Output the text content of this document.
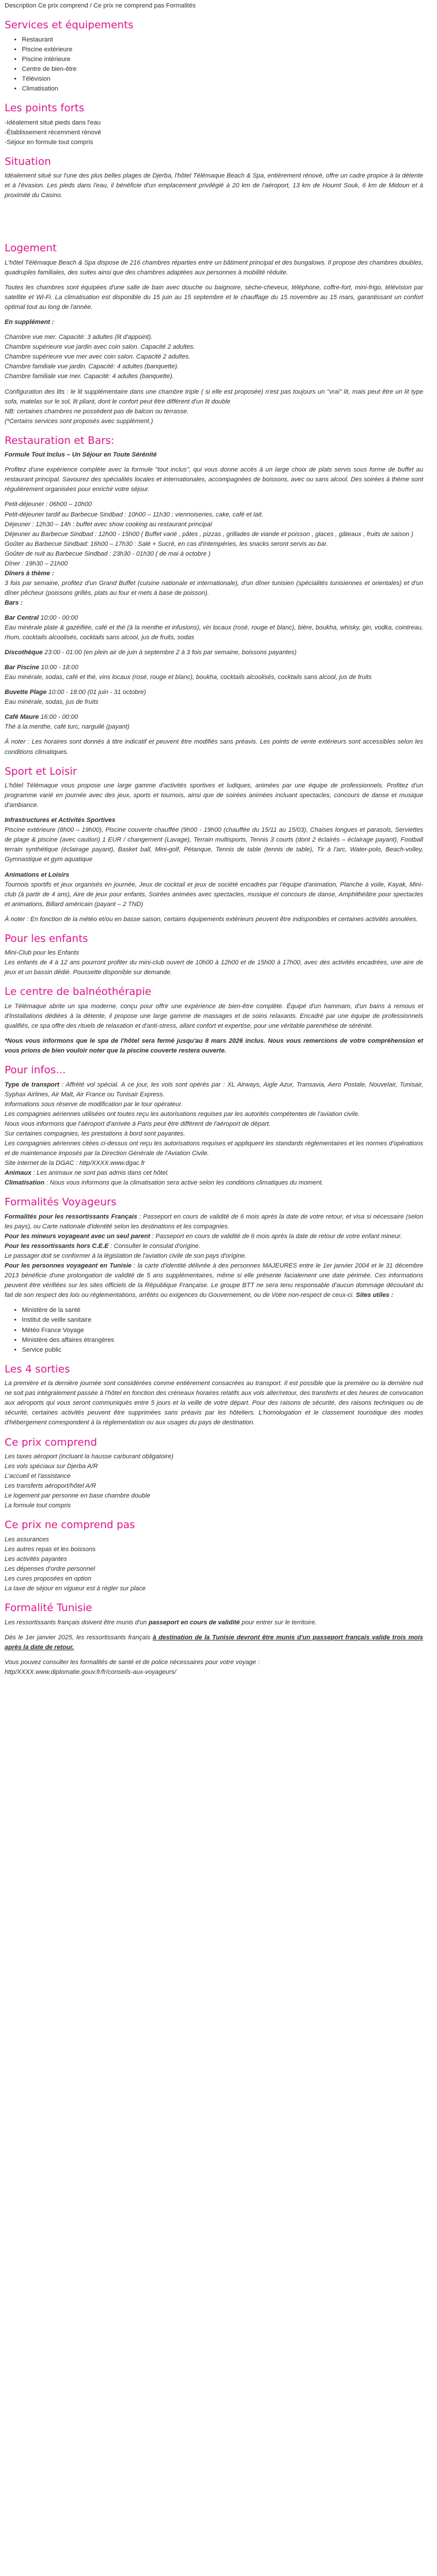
Description Ce prix comprend / Ce prix ne comprend pas Formalités

Services et équipements
• Restaurant
• Piscine extérieure
• Piscine intérieure
• Centre de bien-être
• Télévision
• Climatisation
Les points forts

-Idéalement situé pieds dans l'eau
-Établissement récemment rénové
-Séjour en formule tout compris

Situation

Idéalement situé sur l'une des plus belles plages de Djerba, l'hôtel Télémaque Beach & Spa, entièrement rénové, offre un cadre propice à la détente et à l'évasion. Les pieds dans l'eau, il bénéficie d'un emplacement privilégié à 20 km de l'aéroport, 13 km de Houmt Souk, 6 km de Midoun et à proximité du Casino.

Logement

L'hôtel Télémaque Beach & Spa dispose de 216 chambres réparties entre un bâtiment principal et des bungalows. Il propose des chambres doubles, quadruples familiales, des suites ainsi que des chambres adaptées aux personnes à mobilité réduite.

Toutes les chambres sont équipées d'une salle de bain avec douche ou baignoire, sèche-cheveux, téléphone, coffre-fort, mini-frigo, télévision par satellite et Wi-Fi. La climatisation est disponible du 15 juin au 15 septembre et le chauffage du 15 novembre au 15 mars, garantissant un confort optimal tout au long de l'année.

En supplément :

Chambre vue mer. Capacité: 3 adultes (lit d'appoint).
Chambre supérieure vue jardin avec coin salon. Capacité 2 adultes.
Chambre supérieure vue mer avec coin salon. Capacité 2 adultes.
Chambre familiale vue jardin. Capacité: 4 adultes (banquette).
Chambre familiale vue mer. Capacité: 4 adultes (banquette).

Configuration des lits : le lit supplémentaire dans une chambre triple ( si elle est proposée) n'est pas toujours un "vrai" lit, mais peut être un lit type sofa, matelas sur le sol, lit pliant, dont le confort peut être différent d'un lit double
NB: certaines chambres ne possèdent pas de balcon ou terrasse.
(*Certains services sont proposés avec supplément.)

Restauration et Bars:

Formule Tout Inclus – Un Séjour en Toute Sérénité

Profitez d'une expérience complète avec la formule "tout inclus", qui vous donne accès à un large choix de plats servis sous forme de buffet au restaurant principal. Savourez des spécialités locales et internationales, accompagnées de boissons, avec ou sans alcool. Des soirées à thème sont régulièrement organisées pour enrichir votre séjour.

Petit-déjeuner : 06h00 – 10h00
Petit-déjeuner tardif au Barbecue Sindbad : 10h00 – 11h30 : viennoiseries, cake, café et lait.
Déjeuner : 12h30 – 14h : buffet avec show cooking au restaurant principal
Déjeuner au Barbecue Sindbad : 12h00 - 15h00 ( Buffet varié , pâtes , pizzas , grillades de viande et poisson , glaces , gâteaux , fruits de saison )
Goûter au Barbecue Sindbad: 16h00 – 17h30 : Salé + Sucré, en cas d'intempéries, les snacks seront servis au bar.
Goûter de nuit au Barbecue Sindbad : 23h30 - 01h30 ( de mai à octobre )
Dîner : 19h30 – 21h00
Dîners à thème :
3 fois par semaine, profitez d'un Grand Buffet (cuisine nationale et internationale), d'un dîner tunisien (spécialités tunisiennes et orientales) et d'un dîner pêcheur (poissons grillés, plats au four et mets à base de poisson).
Bars :

Bar Central 10:00 - 00:00
Eau minérale plate & gazéifiée, café et thé (à la menthe et infusions), vin locaux (rosé, rouge et blanc), bière, boukha, whisky, gin, vodka, cointreau, rhum, cocktails alcoolisés, cocktails sans alcool, jus de fruits, sodas

Discothèque 23:00 - 01:00 (en plein air de juin à septembre 2 à 3 fois par semaine, boissons payantes)

Bar Piscine 10:00 - 18:00
Eau minérale, sodas, café et thé, vins locaux (rosé, rouge et blanc), boukha, cocktails alcoolisés, cocktails sans alcool, jus de fruits

Buvette Plage 10:00 - 18:00 (01 juin - 31 octobre)
Eau minérale, sodas, jus de fruits

Café Maure 16:00 - 00:00
Thé à la menthe, café turc, narguilé (payant)

À noter : Les horaires sont donnés à titre indicatif et peuvent être modifiés sans préavis. Les points de vente extérieurs sont accessibles selon les conditions climatiques.

Sport et Loisir

L'hôtel Télémaque vous propose une large gamme d'activités sportives et ludiques, animées par une équipe de professionnels. Profitez d'un programme varié en journée avec des jeux, sports et tournois, ainsi que de soirées animées incluant spectacles, concours de danse et musique d'ambiance.

Infrastructures et Activités Sportives
Piscine extérieure (8h00 – 19h00), Piscine couverte chauffée (9h00 - 19h00 (chauffée du 15/11 au 15/03), Chaises longues et parasols, Serviettes de plage & piscine (avec caution) 1 EUR / changement (Lavage), Terrain multisports, Tennis 3 courts (dont 2 éclairés – éclairage payant), Football terrain synthétique (éclairage payant), Basket ball, Mini-golf, Pétanque, Tennis de table (tennis de table), Tir à l'arc, Water-polo, Beach-volley, Gymnastique et gym aquatique

Animations et Loisirs
Tournois sportifs et jeux organisés en journée, Jeux de cocktail et jeux de société encadrés par l'équipe d'animation, Planche à voile, Kayak, Mini-club (à partir de 4 ans), Aire de jeux pour enfants, Soirées animées avec spectacles, musique et concours de danse, Amphithéâtre pour spectacles et animations, Billard américain (payant – 2 TND)

À noter : En fonction de la météo et/ou en basse saison, certains équipements extérieurs peuvent être indisponibles et certaines activités annulées.

Pour les enfants

Mini-Club pour les Enfants
Les enfants de 4 à 12 ans pourront profiter du mini-club ouvert de 10h00 à 12h00 et de 15h00 à 17h00, avec des activités encadrées, une aire de jeux et un bassin dédié. Poussette disponible sur demande.

Le centre de balnéothérapie

Le Télémaque abrite un spa moderne, conçu pour offrir une expérience de bien-être complète. Équipé d'un hammam, d'un bains à remous et d'installations dédiées à la détente, il propose une large gamme de massages et de soins relaxants. Encadré par une équipe de professionnels qualifiés, ce spa offre des rituels de relaxation et d'anti-stress, allant confort et expertise, pour une véritable parenthèse de sérénité.

*Nous vous informons que le spa de l'hôtel sera fermé jusqu'au 8 mars 2026 inclus. Nous vous remercions de votre compréhension et vous prions de bien vouloir noter que la piscine couverte restera ouverte.

Pour infos...

Type de transport : Affrété vol spécial. A ce jour, les vols sont opérés par : XL Airways, Aigle Azur, Transavia, Aero Postale, Nouvelair, Tunisair, Syphax Airlines, Air Malt, Air France ou Tunisair Express.
Informations sous réserve de modification par le tour opérateur.
Les compagnies aériennes utilisées ont toutes reçu les autorisations requises par les autorités compétentes de l'aviation civile.
Nous vous informons que l'aéroport d'arrivée à Paris peut être différent de l'aéroport de départ.
Sur certaines compagnies, les prestations à bord sont payantes.
Les compagnies aériennes citées ci-dessus ont reçu les autorisations requises et appliquent les standards réglementaires et les normes d'opérations et de maintenance imposés par la Direction Générale de l'Aviation Civile.
Site internet de la DGAC : http/XXXX.www.dgac.fr
Animaux : Les animaux ne sont pas admis dans cet hôtel.
Climatisation : Nous vous informons que la climatisation sera active selon les conditions climatiques du moment.

Formalités Voyageurs

Formalités pour les ressortissants Français : Passeport en cours de validité de 6 mois après la date de votre retour, et visa si nécessaire (selon les pays), ou Carte nationale d'identité selon les destinations et les compagnies.
Pour les mineurs voyageant avec un seul parent : Passeport en cours de validité de 6 mois après la date de retour de votre enfant mineur.
Pour les ressortissants hors C.E.E : Consulter le consulat d'origine.
Le passager doit se conformer à la législation de l'aviation civile de son pays d'origine.
Pour les personnes voyageant en Tunisie : la carte d'identité délivrée à des personnes MAJEURES entre le 1er janvier 2004 et le 31 décembre 2013 bénéficie d'une prolongation de validité de 5 ans supplémentaires, même si elle présente facialement une date périmée. Ces informations peuvent être vérifiées sur les sites officiels de la République Française. Le groupe BTT ne sera tenu responsable d'aucun dommage découlant du fait de son respect des lois ou réglementations, arrêtés ou exigences du Gouvernement, ou de Votre non-respect de ceux-ci. Sites utiles :

• Ministère de la santé
• Institut de veille sanitaire
• Météo France Voyage
• Ministère des affaires étrangères
• Service public
Les 4 sorties

La première et la dernière journée sont considérées comme entièrement consacrées au transport. Il est possible que la première ou la dernière nuit ne soit pas intégralement passée à l'hôtel en fonction des créneaux horaires relatifs aux vols aller/retour, des transferts et des heures de convocation aux aéroports qui vous seront communiqués entre 5 jours et la veille de votre départ. Pour des raisons de sécurité, des raisons techniques ou de sécurité, certaines activités peuvent être supprimées sans préavis par les hôteliers. L'homologation et le classement touristique des modes d'hébergement correspondent à la réglementation ou aux usages du pays de destination.

Ce prix comprend

Les taxes aéroport (incluant la hausse carburant obligatoire)
Les vols spéciaux sur Djerba A/R
L'accueil et l'assistance
Les transferts aéroport/hôtel A/R
Le logement par personne en base chambre double
La formule tout compris

Ce prix ne comprend pas

Les assurances
Les autres repas et les boissons
Les activités payantes
Les dépenses d'ordre personnel
Les cures proposées en option
La taxe de séjour en vigueur est à régler sur place

Formalité Tunisie

Les ressortissants français doivent être munis d'un passeport en cours de validité pour entrer sur le territoire.

Dès le 1er janvier 2025, les ressortissants français à destination de la Tunisie devront être munis d'un passeport français valide trois mois après la date de retour.

Vous pouvez consulter les formalités de santé et de police nécessaires pour votre voyage :
http/XXXX.www.diplomatie.gouv.fr/fr/conseils-aux-voyageurs/
